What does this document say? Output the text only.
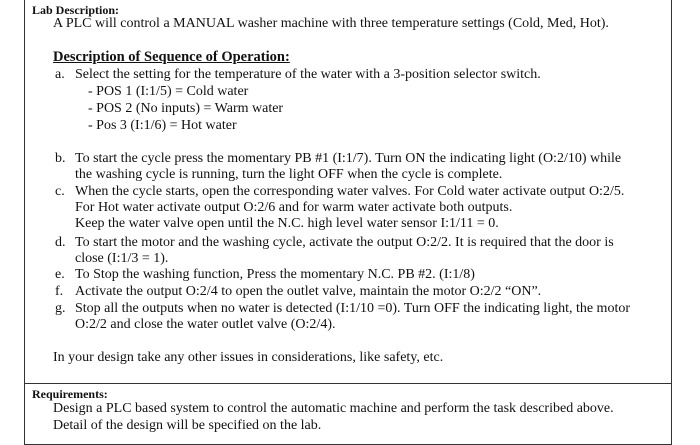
Lab Description:
A PLC will control a MANUAL washer machine with three temperature settings (Cold, Med, Hot).
Description of Sequence of Operation:
a. Select the setting for the temperature of the water with a 3-position selector switch.
- POS 1 (I:1/5) = Cold water
- POS 2 (No inputs) = Warm water
- Pos 3 (I:1/6) = Hot water
b. To start the cycle press the momentary PB #1 (I:1/7). Turn ON the indicating light (O:2/10) while
the washing cycle is running, turn the light OFF when the cycle is complete.
c. When the cycle starts, open the corresponding water valves. For Cold water activate output O:2/5.
For Hot water activate output O:2/6 and for warm water activate both outputs.
Keep the water valve open until the N.C. high level water sensor I:1/11 = 0.
d. To start the motor and the washing cycle, activate the output O:2/2. It is required that the door is
close (I:1/3 = 1).
e. To Stop the washing function, Press the momentary N.C. PB #2. (I:1/8)
f. Activate the output O:2/4 to open the outlet valve, maintain the motor O:2/2 “ON”.
g. Stop all the outputs when no water is detected (I:1/10 =0). Turn OFF the indicating light, the motor
O:2/2 and close the water outlet valve (O:2/4).
In your design take any other issues in considerations, like safety, etc.
Requirements:
Design a PLC based system to control the automatic machine and perform the task described above.
Detail of the design will be specified on the lab.
